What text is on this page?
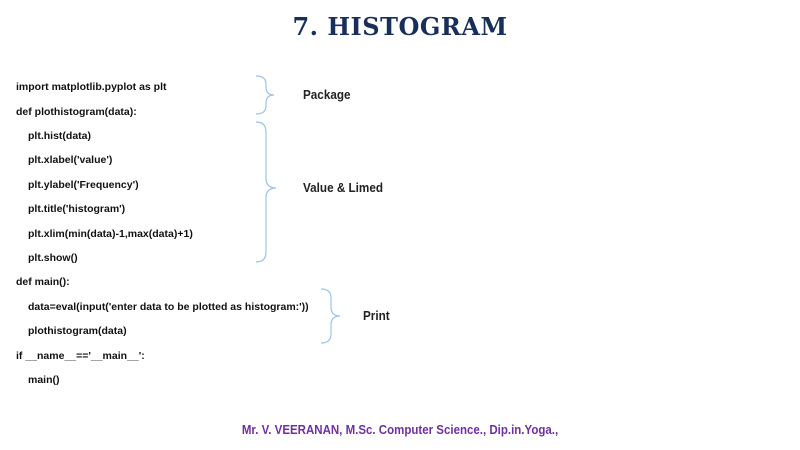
7. HISTOGRAM
import matplotlib.pyplot as plt
def plothistogram(data):
plt.hist(data)
plt.xlabel('value')
plt.ylabel('Frequency')
plt.title('histogram')
plt.xlim(min(data)-1,max(data)+1)
plt.show()
def main():
data=eval(input('enter data to be plotted as histogram:'))
plothistogram(data)
if __name__=='__main__':
main()
Package
Value & Limed
Print
Mr. V. VEERANAN, M.Sc. Computer Science., Dip.in.Yoga.,
